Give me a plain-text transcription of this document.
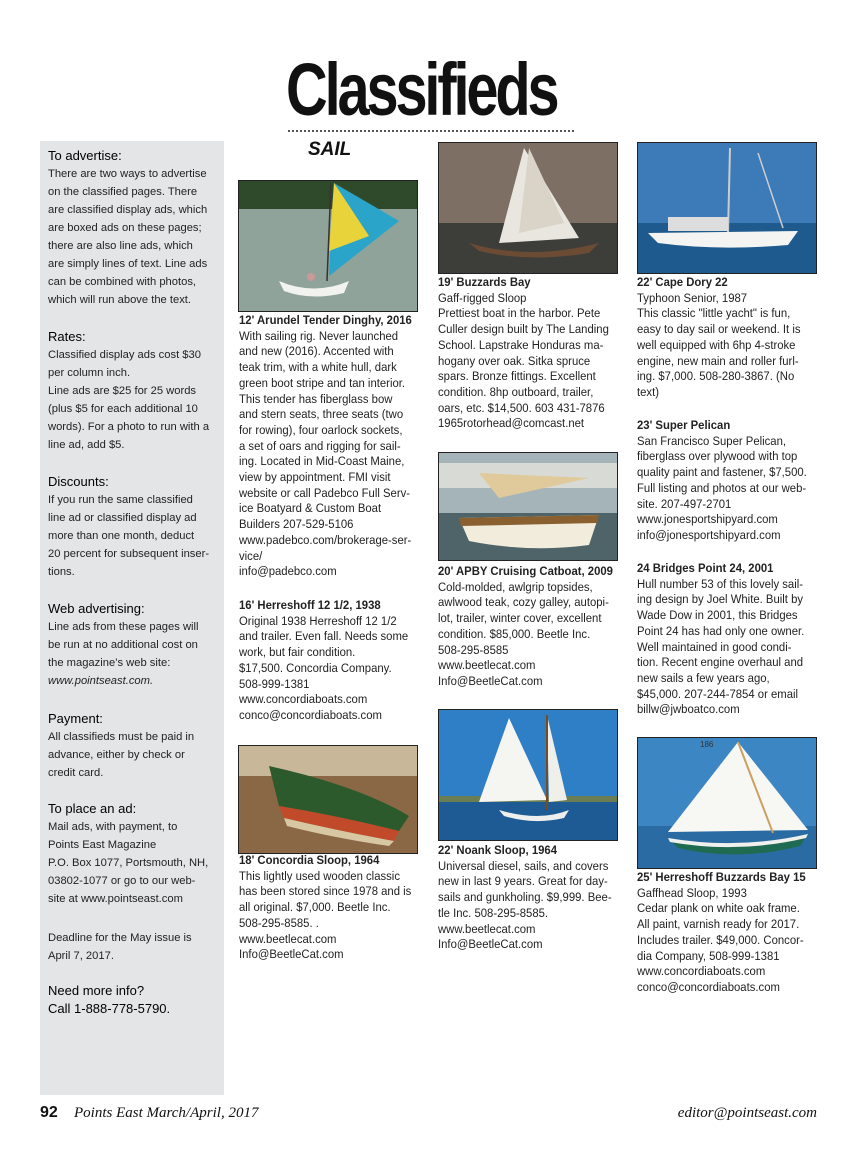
Classifieds
SAIL
To advertise:

There are two ways to advertise

on the classified pages. There

are classified display ads, which

are boxed ads on these pages;

there are also line ads, which

are simply lines of text. Line ads

can be combined with photos,

which will run above the text.

Rates:

Classified display ads cost $30

per column inch.

Line ads are $25 for 25 words

(plus $5 for each additional 10

words). For a photo to run with a

line ad, add $5.

Discounts:

If you run the same classified

line ad or classified display ad

more than one month, deduct

20 percent for subsequent inser-

tions.

Web advertising:

Line ads from these pages will

be run at no additional cost on

the magazine’s web site:

www.pointseast.com.

Payment:

All classifieds must be paid in

advance, either by check or

credit card.

To place an ad:

Mail ads, with payment, to

Points East Magazine

P.O. Box 1077, Portsmouth, NH,

03802-1077 or go to our web-

site at www.pointseast.com

Deadline for the May issue is

April 7, 2017.

Need more info?

Call 1-888-778-5790.

186
12' Arundel Tender Dinghy, 2016
With sailing rig. Never launched
and new (2016). Accented with
teak trim, with a white hull, dark
green boot stripe and tan interior.
This tender has fiberglass bow
and stern seats, three seats (two
for rowing), four oarlock sockets,
a set of oars and rigging for sail-
ing. Located in Mid-Coast Maine,
view by appointment. FMI visit
website or call Padebco Full Serv-
ice Boatyard & Custom Boat
Builders 207-529-5106
www.padebco.com/brokerage-ser-
vice/
info@padebco.com
16' Herreshoff 12 1/2, 1938
Original 1938 Herreshoff 12 1/2
and trailer. Even fall. Needs some
work, but fair condition.
$17,500. Concordia Company.
508-999-1381
www.concordiaboats.com
conco@concordiaboats.com
18' Concordia Sloop, 1964
This lightly used wooden classic
has been stored since 1978 and is
all original. $7,000. Beetle Inc.
508-295-8585. .
www.beetlecat.com
Info@BeetleCat.com
19' Buzzards Bay
Gaff-rigged Sloop
Prettiest boat in the harbor. Pete
Culler design built by The Landing
School. Lapstrake Honduras ma-
hogany over oak. Sitka spruce
spars. Bronze fittings. Excellent
condition. 8hp outboard, trailer,
oars, etc. $14,500. 603 431-7876
1965rotorhead@comcast.net
20' APBY Cruising Catboat, 2009
Cold-molded, awlgrip topsides,
awlwood teak, cozy galley, autopi-
lot, trailer, winter cover, excellent
condition. $85,000. Beetle Inc.
508-295-8585
www.beetlecat.com
Info@BeetleCat.com
22' Noank Sloop, 1964
Universal diesel, sails, and covers
new in last 9 years. Great for day-
sails and gunkholing. $9,999. Bee-
tle Inc. 508-295-8585.
www.beetlecat.com
Info@BeetleCat.com
22' Cape Dory 22
Typhoon Senior, 1987
This classic "little yacht" is fun,
easy to day sail or weekend. It is
well equipped with 6hp 4-stroke
engine, new main and roller furl-
ing. $7,000. 508-280-3867. (No
text)
23' Super Pelican
San Francisco Super Pelican,
fiberglass over plywood with top
quality paint and fastener, $7,500.
Full listing and photos at our web-
site. 207-497-2701
www.jonesportshipyard.com
info@jonesportshipyard.com
24 Bridges Point 24, 2001
Hull number 53 of this lovely sail-
ing design by Joel White. Built by
Wade Dow in 2001, this Bridges
Point 24 has had only one owner.
Well maintained in good condi-
tion. Recent engine overhaul and
new sails a few years ago,
$45,000. 207-244-7854 or email
billw@jwboatco.com
25' Herreshoff Buzzards Bay 15
Gaffhead Sloop, 1993
Cedar plank on white oak frame.
All paint, varnish ready for 2017.
Includes trailer. $49,000. Concor-
dia Company, 508-999-1381
www.concordiaboats.com
conco@concordiaboats.com
92 Points East March/April, 2017	editor@pointseast.com
